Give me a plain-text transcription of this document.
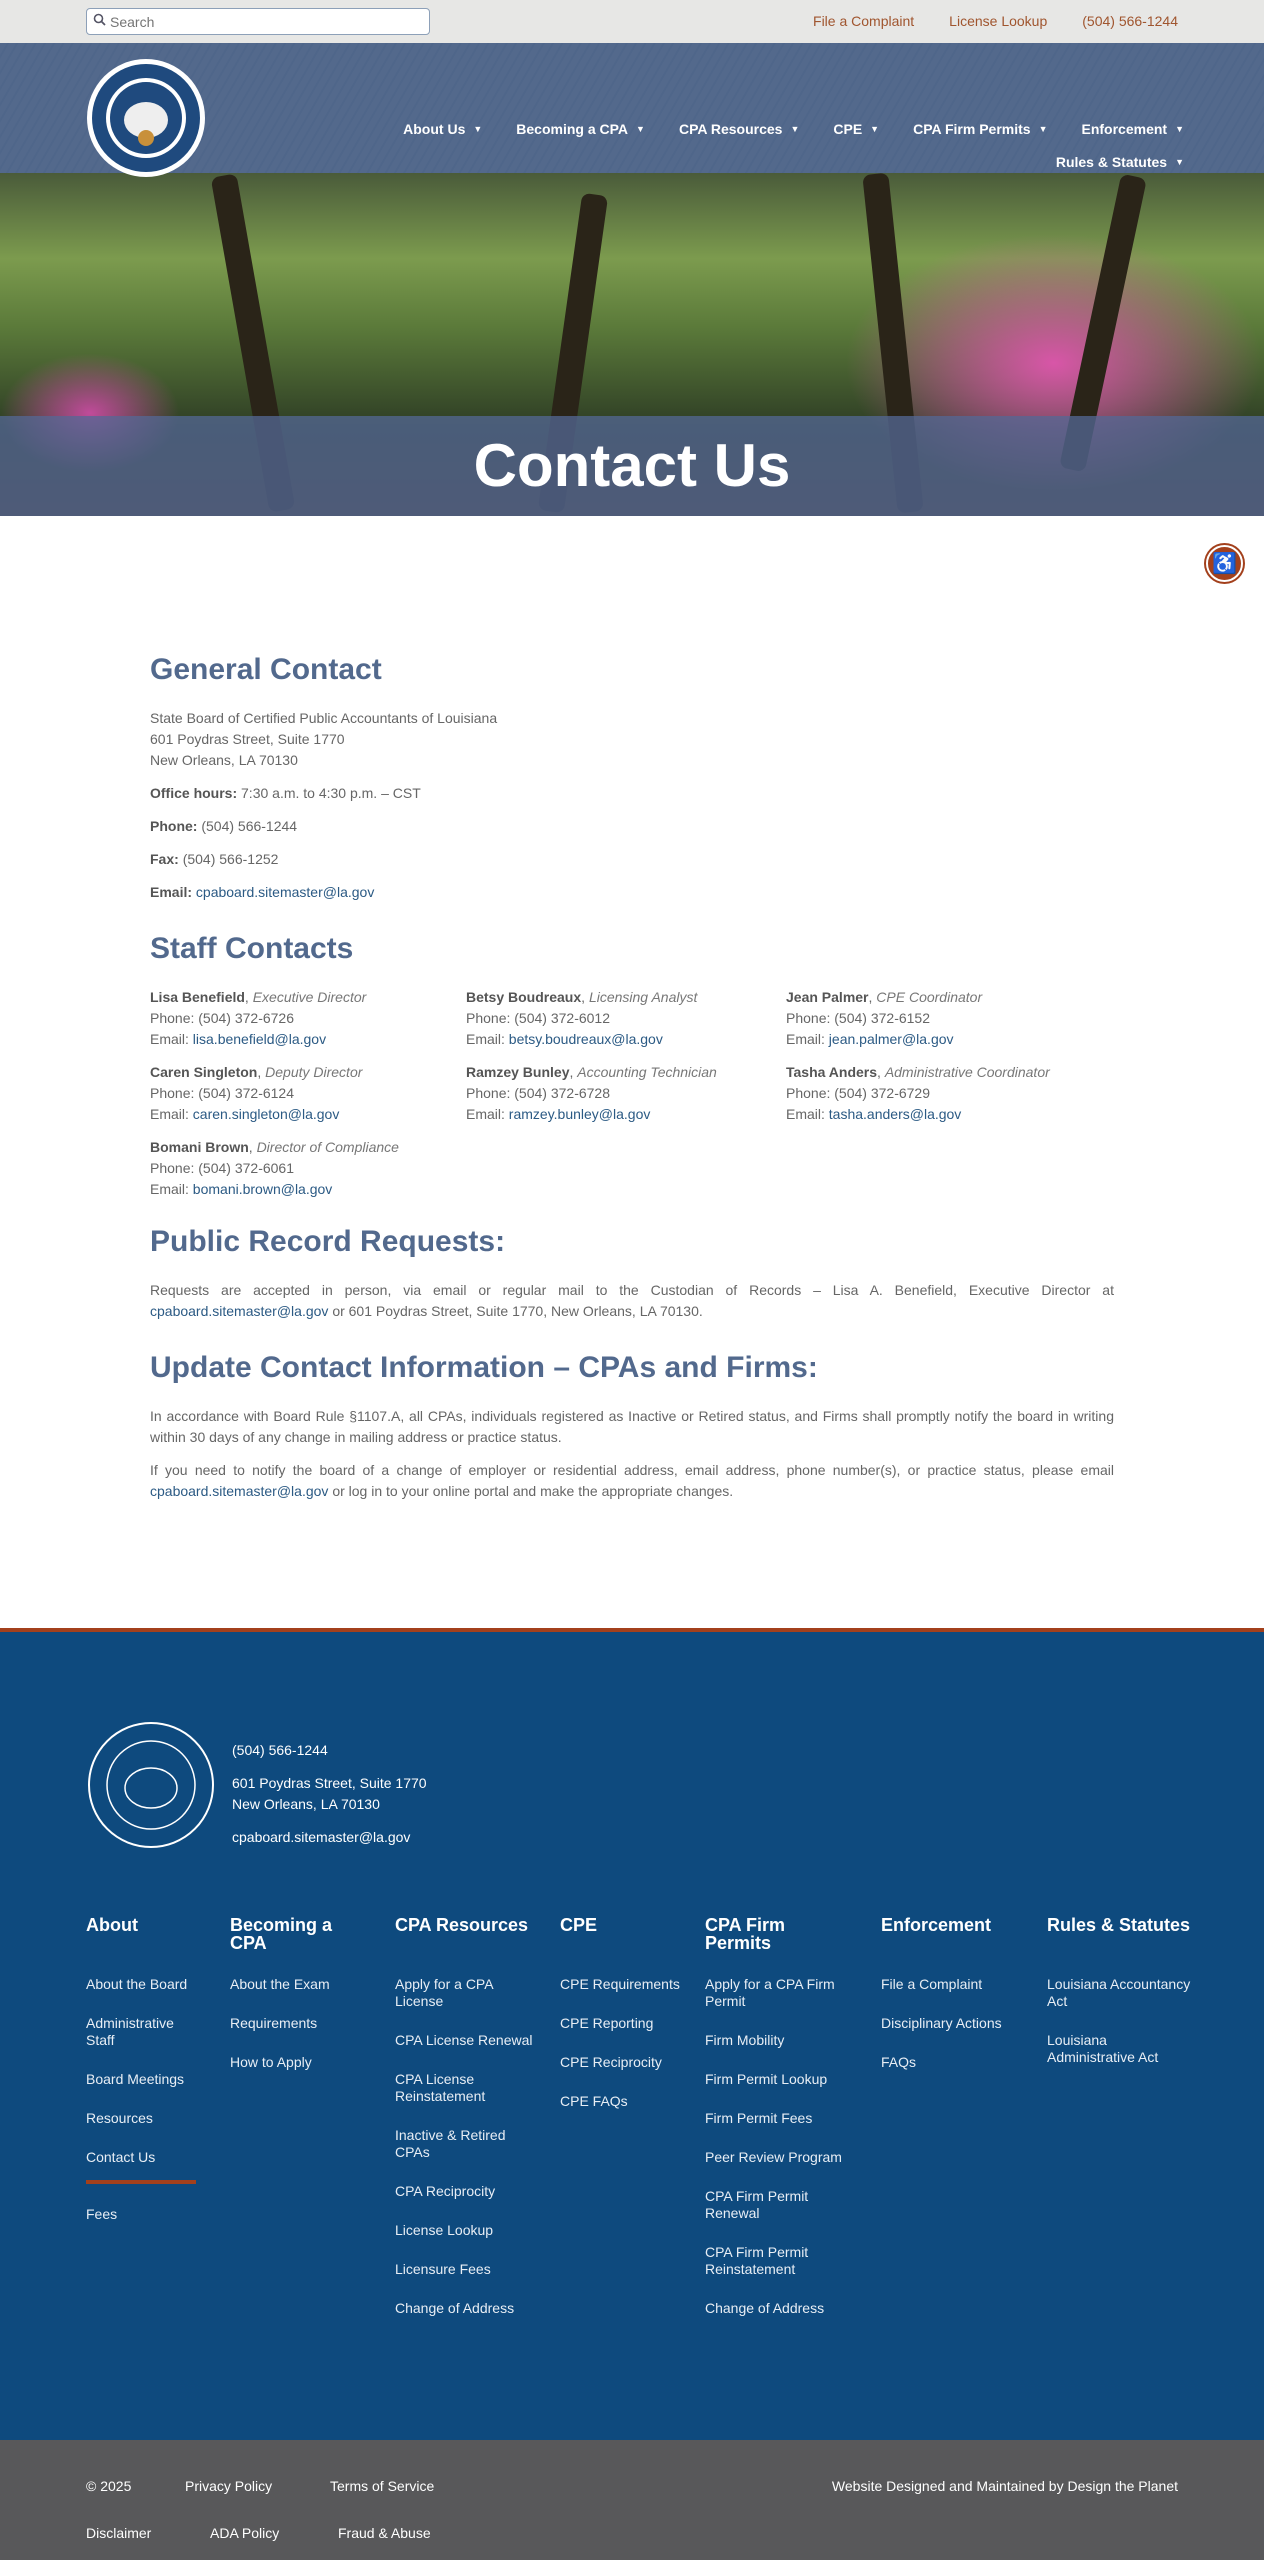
Search
File a Complaint	License Lookup	(504) 566-1244
About Us ▼ Becoming a CPA ▼ CPA Resources ▼ CPE ▼ CPA Firm Permits ▼ Enforcement ▼
Rules & Statutes ▼
Contact Us
♿
General Contact

State Board of Certified Public Accountants of Louisiana
601 Poydras Street, Suite 1770
New Orleans, LA 70130

Office hours: 7:30 a.m. to 4:30 p.m. – CST

Phone: (504) 566-1244

Fax: (504) 566-1252

Email: cpaboard.sitemaster@la.gov

Staff Contacts
Lisa Benefield, Executive Director
Phone: (504) 372-6726
Email: lisa.benefield@la.gov
Betsy Boudreaux, Licensing Analyst
Phone: (504) 372-6012
Email: betsy.boudreaux@la.gov
Jean Palmer, CPE Coordinator
Phone: (504) 372-6152
Email: jean.palmer@la.gov
Caren Singleton, Deputy Director
Phone: (504) 372-6124
Email: caren.singleton@la.gov
Ramzey Bunley, Accounting Technician
Phone: (504) 372-6728
Email: ramzey.bunley@la.gov
Tasha Anders, Administrative Coordinator
Phone: (504) 372-6729
Email: tasha.anders@la.gov
Bomani Brown, Director of Compliance
Phone: (504) 372-6061
Email: bomani.brown@la.gov
Public Record Requests:

Requests are accepted in person, via email or regular mail to the Custodian of Records – Lisa A. Benefield, Executive Director at cpaboard.sitemaster@la.gov or 601 Poydras Street, Suite 1770, New Orleans, LA 70130.

Update Contact Information – CPAs and Firms:

In accordance with Board Rule §1107.A, all CPAs, individuals registered as Inactive or Retired status, and Firms shall promptly notify the board in writing within 30 days of any change in mailing address or practice status.

If you need to notify the board of a change of employer or residential address, email address, phone number(s), or practice status, please email cpaboard.sitemaster@la.gov or log in to your online portal and make the appropriate changes.

(504) 566-1244
601 Poydras Street, Suite 1770
New Orleans, LA 70130
cpaboard.sitemaster@la.gov
About
About the Board
Administrative Staff
Board Meetings
Resources
Contact Us
Fees
Becoming a CPA
About the Exam
Requirements
How to Apply
CPA Resources
Apply for a CPA License
CPA License Renewal
CPA License Reinstatement
Inactive & Retired CPAs
CPA Reciprocity
License Lookup
Licensure Fees
Change of Address
CPE
CPE Requirements
CPE Reporting
CPE Reciprocity
CPE FAQs
CPA Firm Permits
Apply for a CPA Firm Permit
Firm Mobility
Firm Permit Lookup
Firm Permit Fees
Peer Review Program
CPA Firm Permit Renewal
CPA Firm Permit Reinstatement
Change of Address
Enforcement
File a Complaint
Disciplinary Actions
FAQs
Rules & Statutes
Louisiana Accountancy Act
Louisiana Administrative Act
© 2025	Privacy Policy	Terms of Service	Website Designed and Maintained by Design the Planet
Disclaimer	ADA Policy	Fraud & Abuse
